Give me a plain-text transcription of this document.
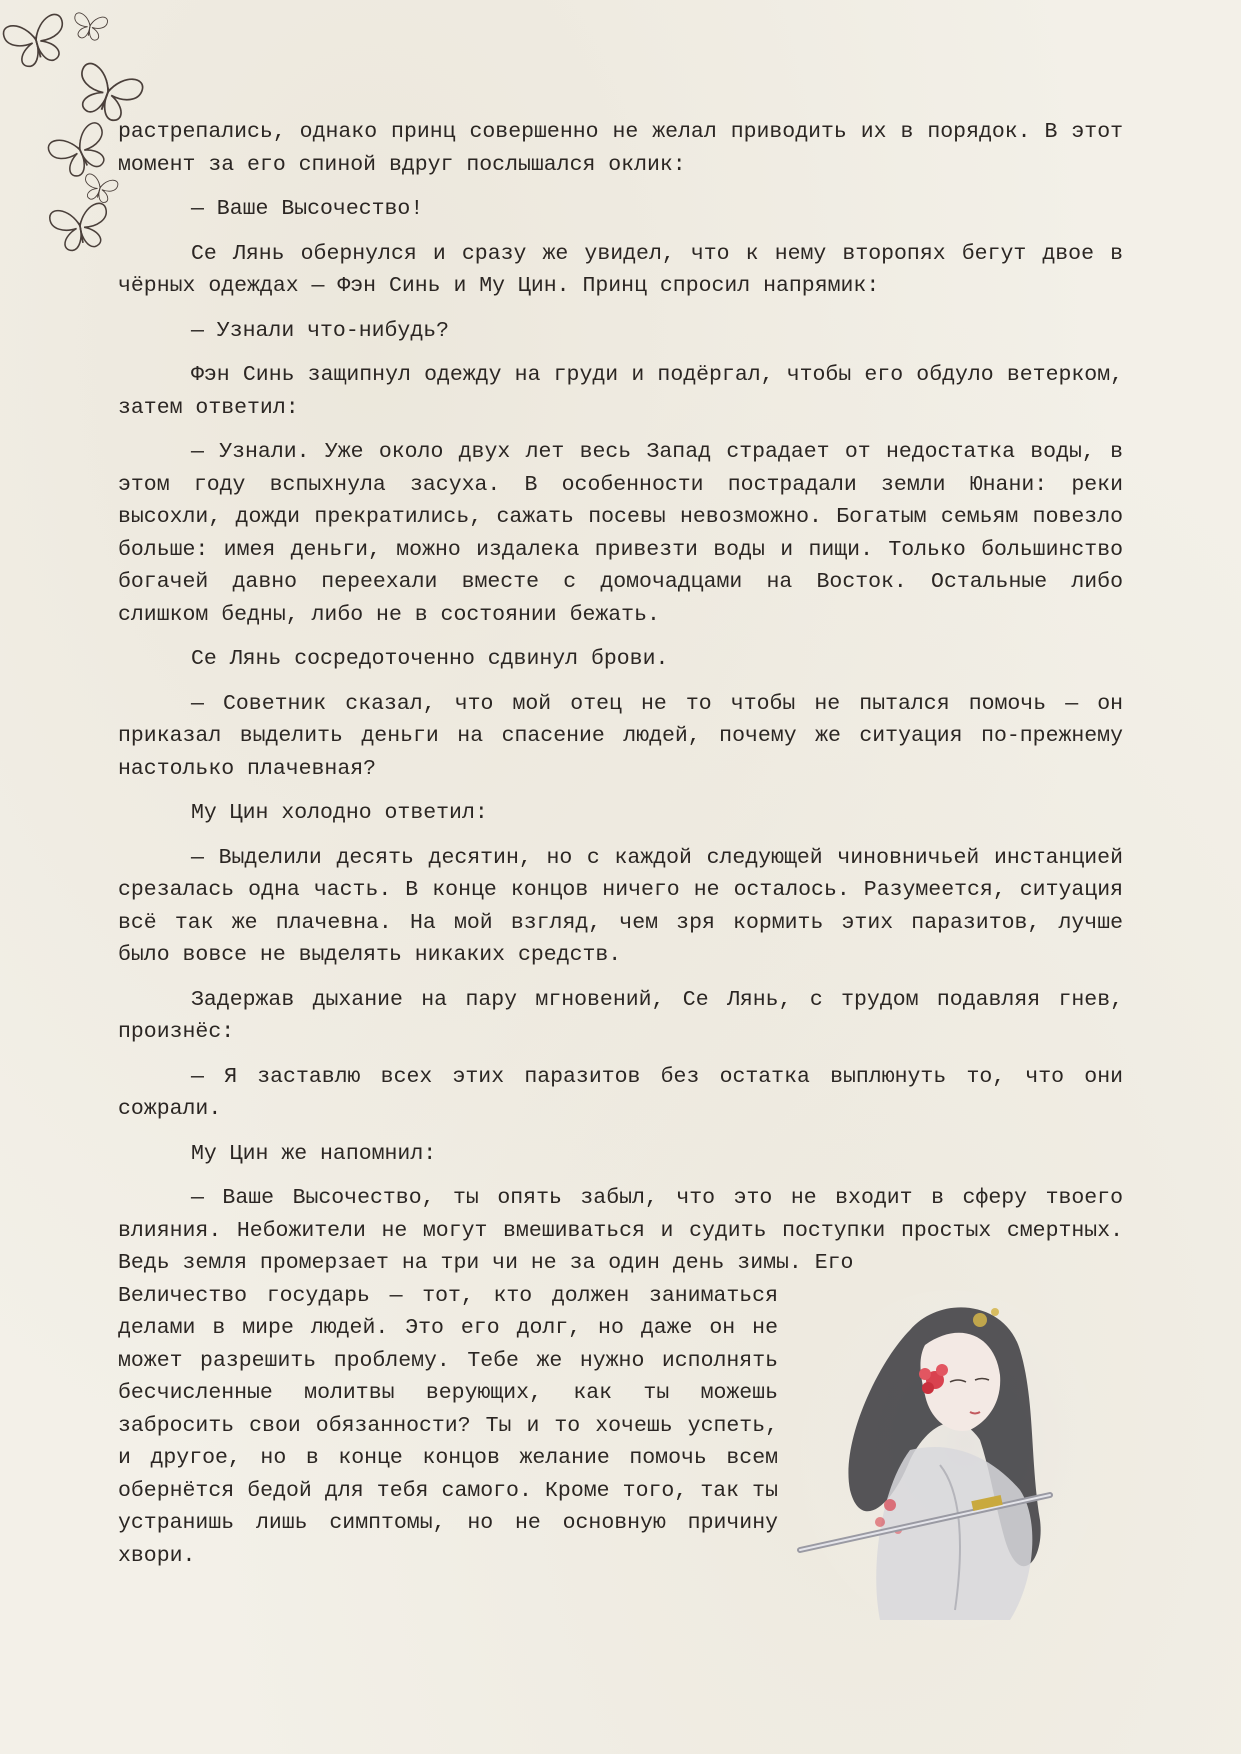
растрепались, однако принц совершенно не желал приводить их в порядок. В этот момент за его спиной вдруг послышался оклик:

— Ваше Высочество!

Се Лянь обернулся и сразу же увидел, что к нему второпях бегут двое в чёрных одеждах — Фэн Синь и Му Цин. Принц спросил напрямик:

— Узнали что-нибудь?

Фэн Синь защипнул одежду на груди и подёргал, чтобы его обдуло ветерком, затем ответил:

— Узнали. Уже около двух лет весь Запад страдает от недостатка воды, в этом году вспыхнула засуха. В особенности пострадали земли Юнани: реки высохли, дожди прекратились, сажать посевы невозможно. Богатым семьям повезло больше: имея деньги, можно издалека привезти воды и пищи. Только большинство богачей давно переехали вместе с домочадцами на Восток. Остальные либо слишком бедны, либо не в состоянии бежать.

Се Лянь сосредоточенно сдвинул брови.

— Советник сказал, что мой отец не то чтобы не пытался помочь — он приказал выделить деньги на спасение людей, почему же ситуация по-прежнему настолько плачевная?

Му Цин холодно ответил:

— Выделили десять десятин, но с каждой следующей чиновничьей инстанцией срезалась одна часть. В конце концов ничего не осталось. Разумеется, ситуация всё так же плачевна. На мой взгляд, чем зря кормить этих паразитов, лучше было вовсе не выделять никаких средств.

Задержав дыхание на пару мгновений, Се Лянь, с трудом подавляя гнев, произнёс:

— Я заставлю всех этих паразитов без остатка выплюнуть то, что они сожрали.

Му Цин же напомнил:

— Ваше Высочество, ты опять забыл, что это не входит в сферу твоего влияния. Небожители не могут вмешиваться и судить поступки простых смертных. Ведь земля промерзает на три чи не за один день зимы. Его

Величество государь — тот, кто должен заниматься делами в мире людей. Это его долг, но даже он не может разрешить проблему. Тебе же нужно исполнять бесчисленные молитвы верующих, как ты можешь забросить свои обязанности? Ты и то хочешь успеть, и другое, но в конце концов желание помочь всем обернётся бедой для тебя самого. Кроме того, так ты устранишь лишь симптомы, но не основную причину хвори.
